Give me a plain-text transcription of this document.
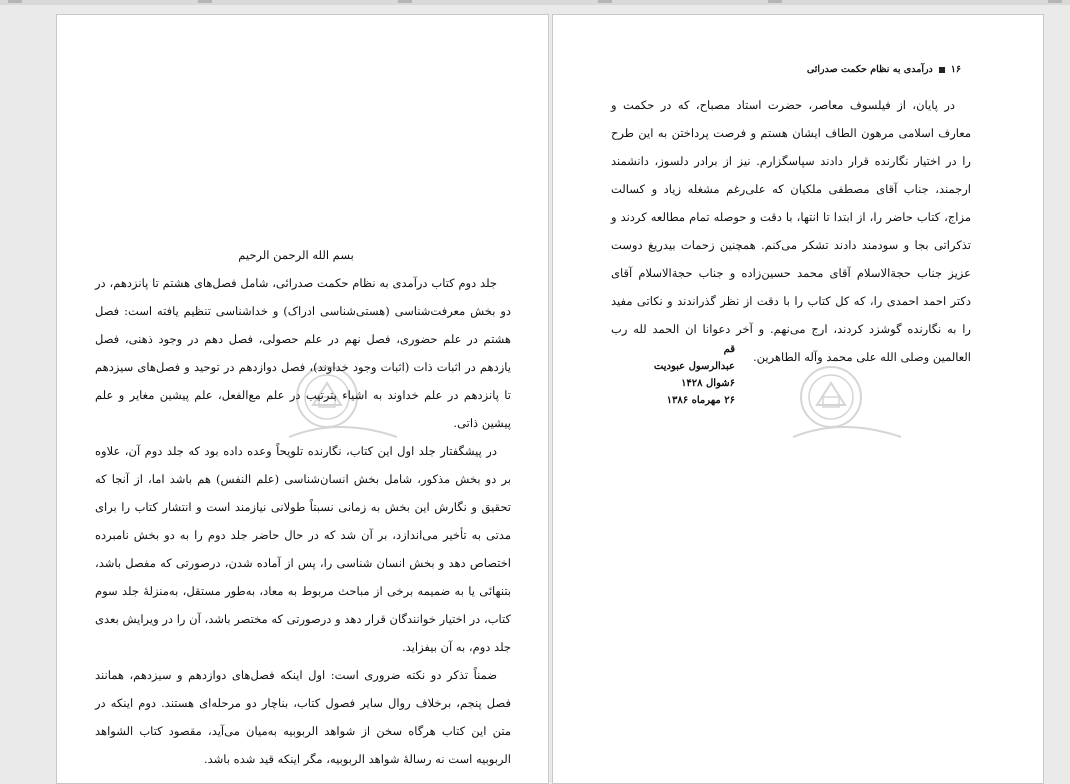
بسم الله الرحمن الرحیم

جلد دوم کتاب درآمدی به نظام حکمت صدرائی، شامل فصل‌های هشتم تا پانزدهم، در دو بخش معرفت‌شناسی (هستی‌شناسی ادراک) و خداشناسی تنظیم یافته است: فصل هشتم در علم حضوری، فصل نهم در علم حصولی، فصل دهم در وجود ذهنی، فصل یازدهم در اثبات ذات (اثبات وجود خداوند)، فصل دوازدهم در توحید و فصل‌های سیزدهم تا پانزدهم در علم خداوند به اشیاء بترتیب در علم مع‌الفعل، علم پیشین مغایر و علم پیشین ذاتی.

در پیشگفتار جلد اول این کتاب، نگارنده تلویحاً وعده داده بود که جلد دوم آن، علاوه بر دو بخش مذکور، شامل بخش انسان‌شناسی (علم النفس) هم باشد اما، از آنجا که تحقیق و نگارش این بخش به زمانی نسبتاً طولانی نیازمند است و انتشار کتاب را برای مدتی به تأخیر می‌اندازد، بر آن شد که در حال حاضر جلد دوم را به دو بخش نامبرده اختصاص دهد و بخش انسان شناسی را، پس از آماده شدن، درصورتی که مفصل باشد، بتنهائی یا به ضمیمه برخی از مباحث مربوط به معاد، به‌طور مستقل، به‌منزلهٔ جلد سوم کتاب، در اختیار خوانندگان قرار دهد و درصورتی که مختصر باشد، آن را در ویرایش بعدی جلد دوم، به آن بیفزاید.

ضمناً تذکر دو نکته ضروری است: اول اینکه فصل‌های دوازدهم و سیزدهم، همانند فصل پنجم، برخلاف روال سایر فصول کتاب، بناچار دو مرحله‌ای هستند. دوم اینکه در متن این کتاب هرگاه سخن از شواهد الربوبیه به‌میان می‌آید، مقصود کتاب الشواهد الربوبیه است نه رسالهٔ شواهد الربوبیه، مگر اینکه قید شده باشد.

۱۶
درآمدی به نظام حکمت صدرائی

در پایان، از فیلسوف معاصر، حضرت استاد مصباح، که در حکمت و معارف اسلامی مرهون الطاف ایشان هستم و فرصت پرداختن به این طرح را در اختیار نگارنده قرار دادند سپاسگزارم. نیز از برادر دلسوز، دانشمند ارجمند، جناب آقای مصطفی ملکیان که علی‌رغم مشغله زیاد و کسالت مزاج، کتاب حاضر را، از ابتدا تا انتها، با دقت و حوصله تمام مطالعه کردند و تذکراتی بجا و سودمند دادند تشکر می‌کنم. همچنین زحمات بیدریغ دوست عزیز جناب حجةالاسلام آقای محمد حسین‌زاده و جناب حجةالاسلام آقای دکتر احمد احمدی را، که کل کتاب را با دقت از نظر گذراندند و نکاتی مفید را به نگارنده گوشزد کردند، ارج می‌نهم. و آخر دعوانا ان الحمد لله رب العالمین وصلی الله علی محمد وآله الطاهرین.

قم
عبدالرسول عبودیت
۶شوال ۱۴۲۸
۲۶ مهرماه ۱۳۸۶
